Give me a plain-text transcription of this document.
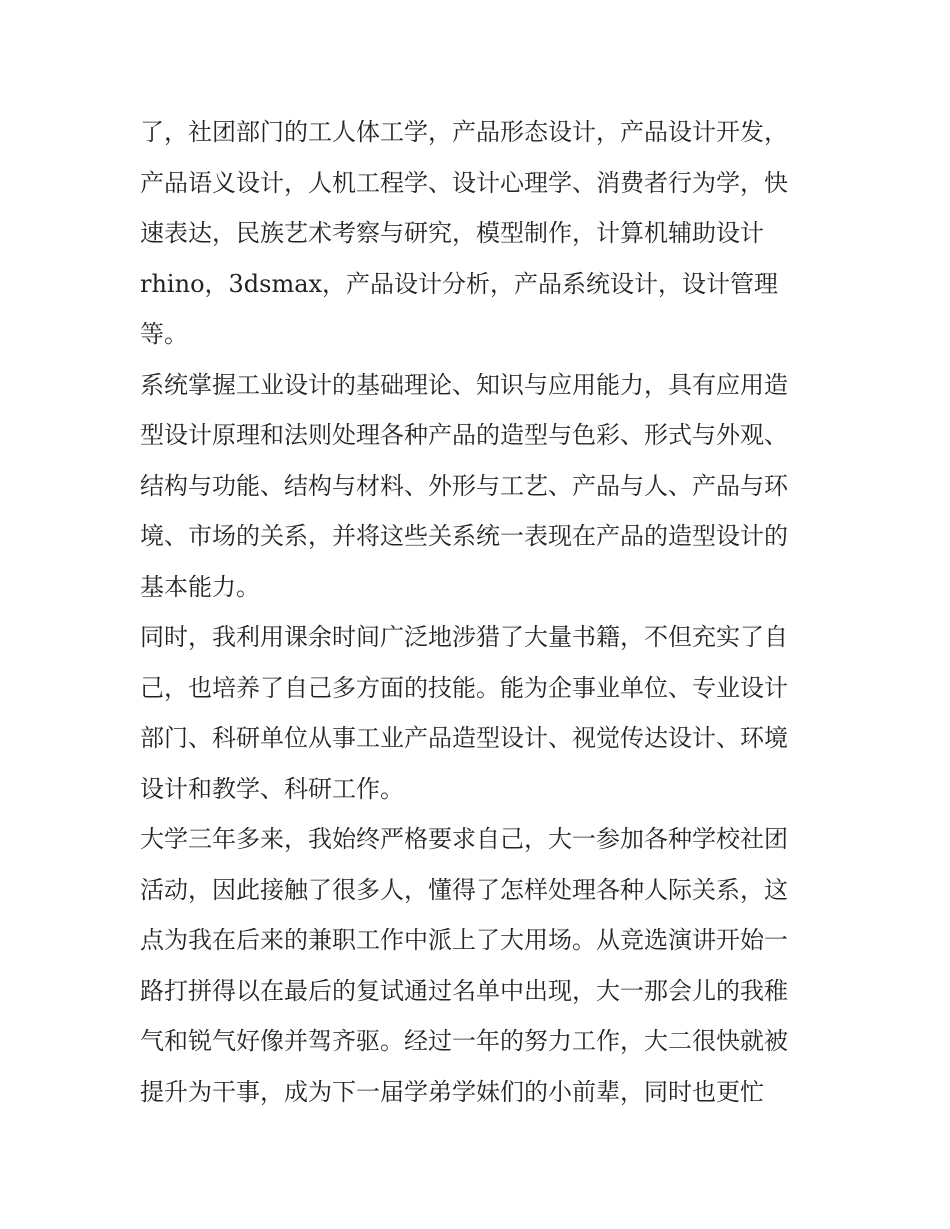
了，社团部门的工人体工学，产品形态设计，产品设计开发，
产品语义设计，人机工程学、设计心理学、消费者行为学，快
速表达，民族艺术考察与研究，模型制作，计算机辅助设计
rhino，3dsmax，产品设计分析，产品系统设计，设计管理
等。
系统掌握工业设计的基础理论、知识与应用能力，具有应用造
型设计原理和法则处理各种产品的造型与色彩、形式与外观、
结构与功能、结构与材料、外形与工艺、产品与人、产品与环
境、市场的关系，并将这些关系统一表现在产品的造型设计的
基本能力。
同时，我利用课余时间广泛地涉猎了大量书籍，不但充实了自
己，也培养了自己多方面的技能。能为企事业单位、专业设计
部门、科研单位从事工业产品造型设计、视觉传达设计、环境
设计和教学、科研工作。
大学三年多来，我始终严格要求自己，大一参加各种学校社团
活动，因此接触了很多人，懂得了怎样处理各种人际关系，这
点为我在后来的兼职工作中派上了大用场。从竞选演讲开始一
路打拼得以在最后的复试通过名单中出现，大一那会儿的我稚
气和锐气好像并驾齐驱。经过一年的努力工作，大二很快就被
提升为干事，成为下一届学弟学妹们的小前辈，同时也更忙
